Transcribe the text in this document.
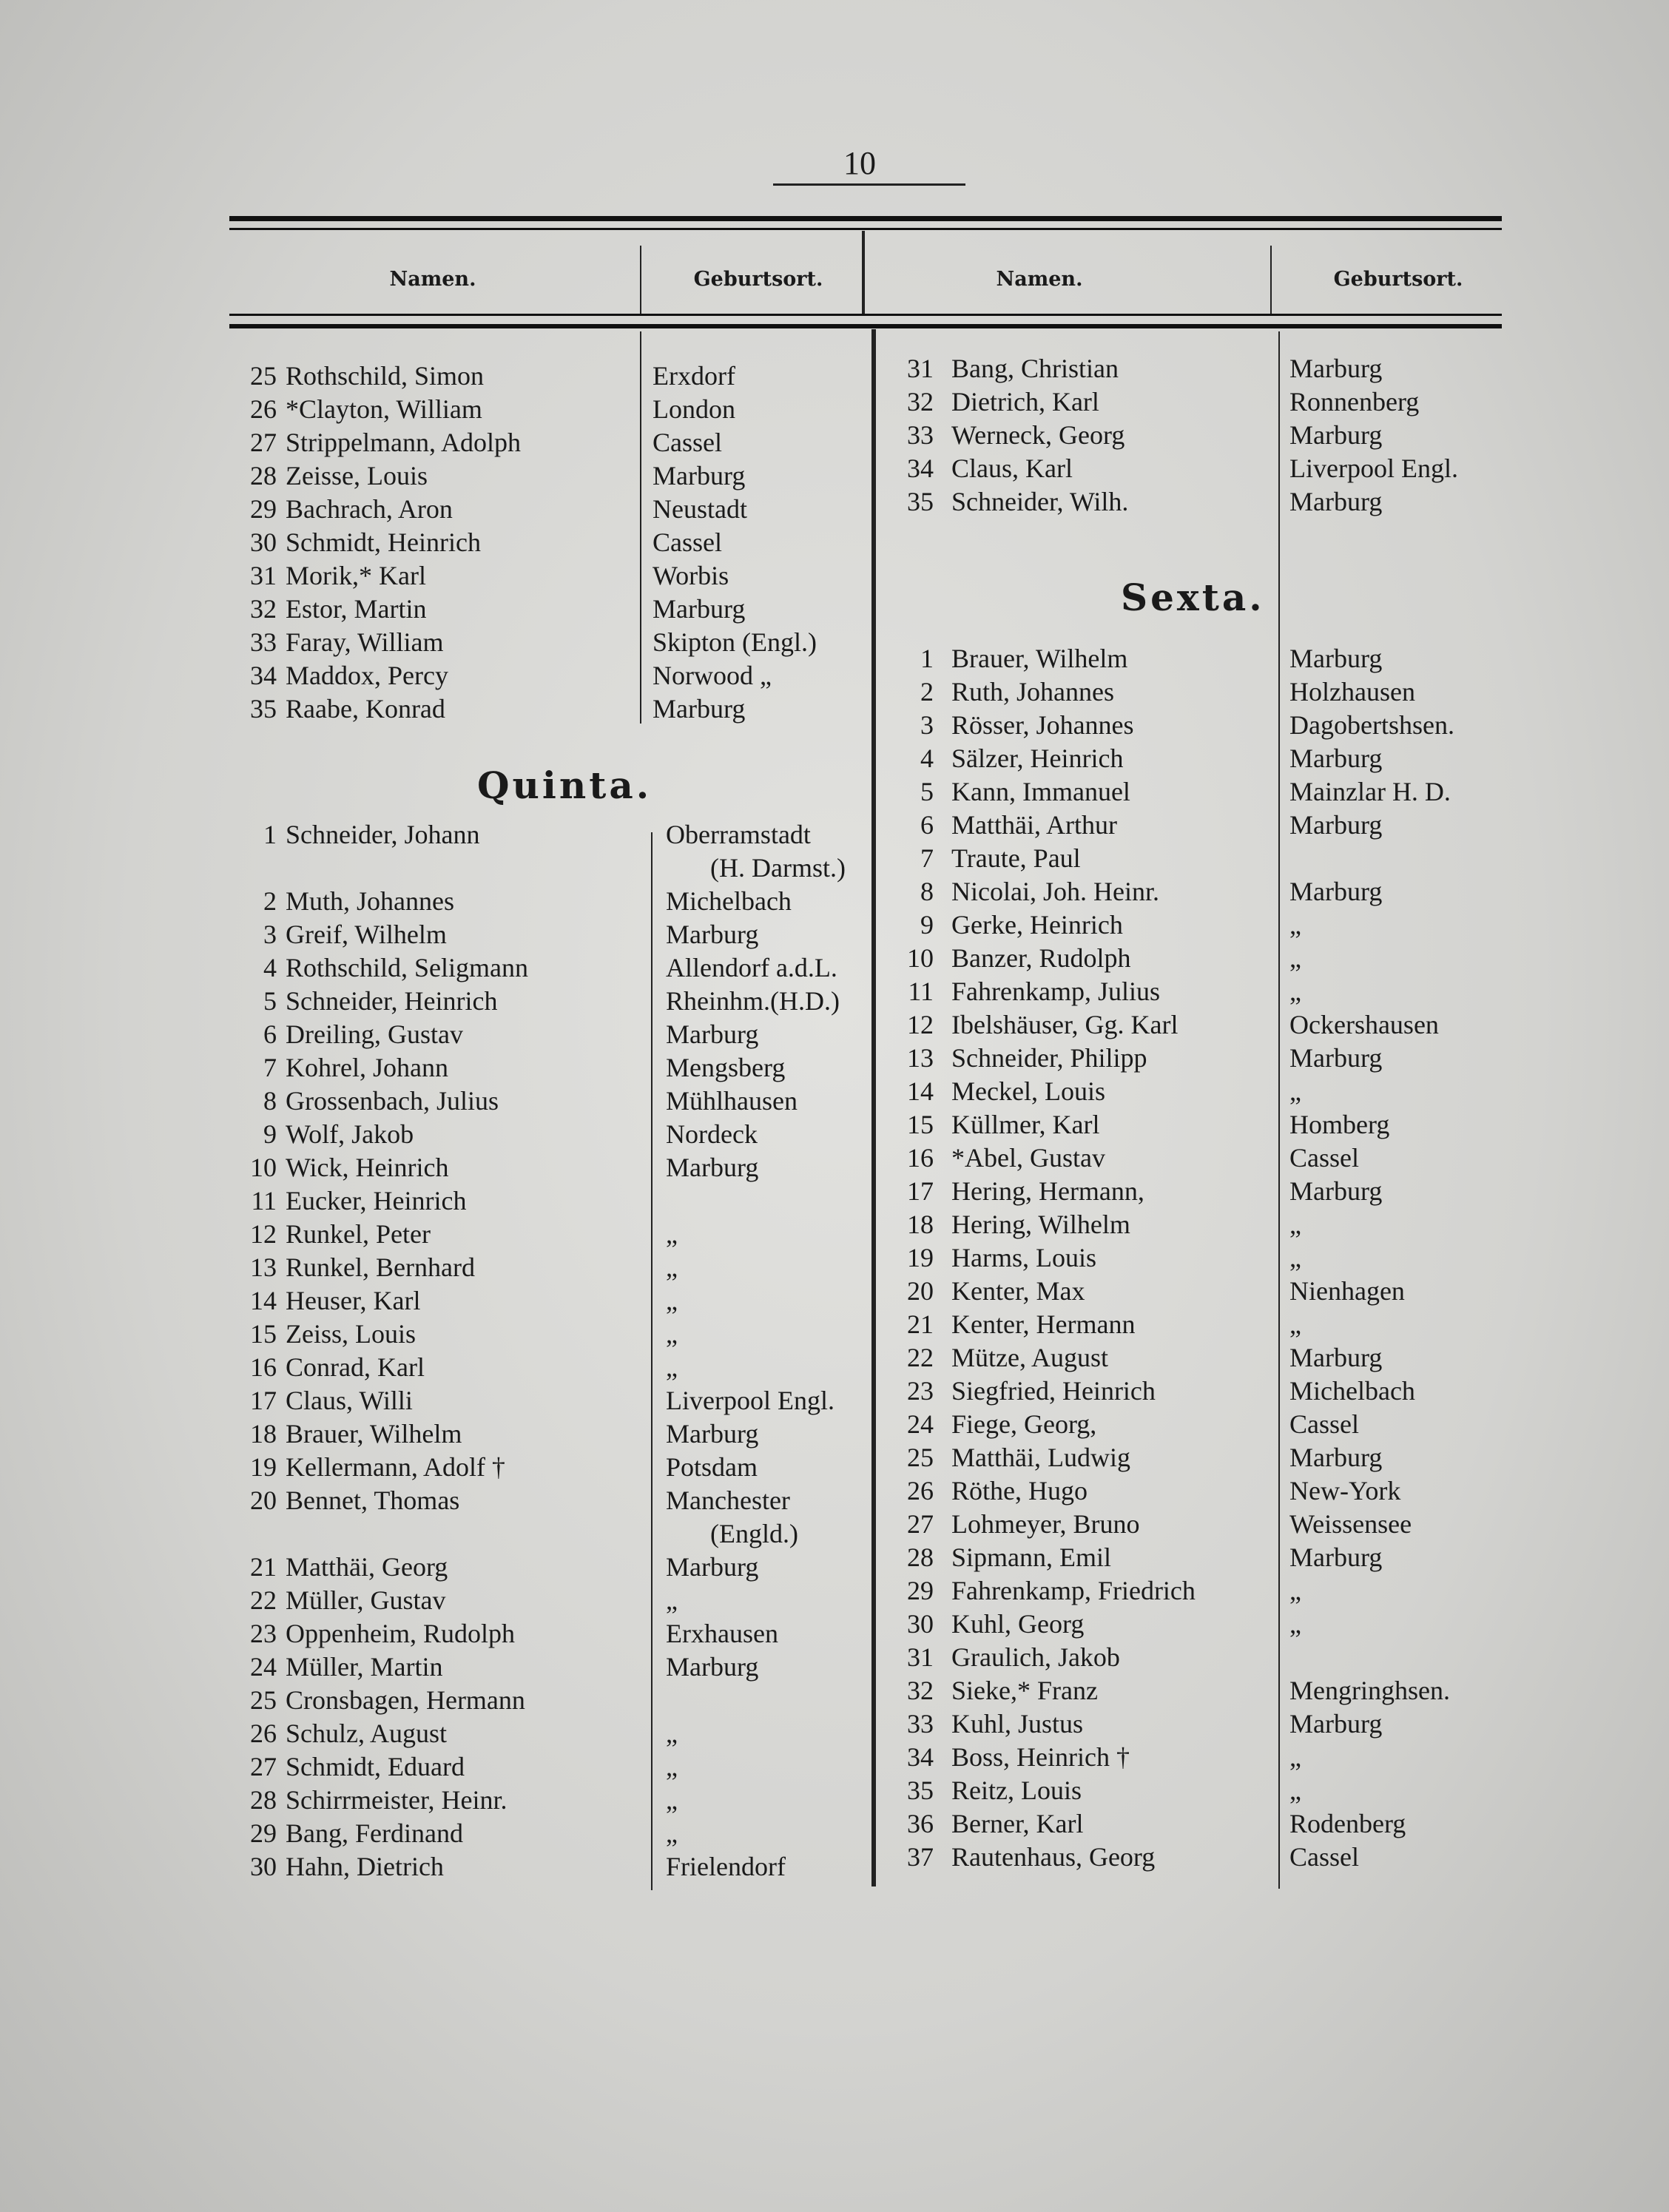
10
Namen.	Geburtsort.	Namen.	Geburtsort.
Quinta.
Sexta.
25 Rothschild, Simon	Erxdorf
26 *Clayton, William	London
27 Strippelmann, Adolph	Cassel
28 Zeisse, Louis	Marburg
29 Bachrach, Aron	Neustadt
30 Schmidt, Heinrich	Cassel
31 Morik,* Karl	Worbis
32 Estor, Martin	Marburg
33 Faray, William	Skipton (Engl.)
34 Maddox, Percy	Norwood „
35 Raabe, Konrad	Marburg
1 Schneider, Johann	Oberramstadt
(H. Darmst.)
2 Muth, Johannes	Michelbach
3 Greif, Wilhelm	Marburg
4 Rothschild, Seligmann	Allendorf a.d.L.
5 Schneider, Heinrich	Rheinhm.(H.D.)
6 Dreiling, Gustav	Marburg
7 Kohrel, Johann	Mengsberg
8 Grossenbach, Julius	Mühlhausen
9 Wolf, Jakob	Nordeck
10 Wick, Heinrich	Marburg
11 Eucker, Heinrich
12 Runkel, Peter	„
13 Runkel, Bernhard	„
14 Heuser, Karl	„
15 Zeiss, Louis	„
16 Conrad, Karl	„
17 Claus, Willi	Liverpool Engl.
18 Brauer, Wilhelm	Marburg
19 Kellermann, Adolf †	Potsdam
20 Bennet, Thomas	Manchester
(Engld.)
21 Matthäi, Georg	Marburg
22 Müller, Gustav	„
23 Oppenheim, Rudolph	Erxhausen
24 Müller, Martin	Marburg
25 Cronsbagen, Hermann
26 Schulz, August	„
27 Schmidt, Eduard	„
28 Schirrmeister, Heinr.	„
29 Bang, Ferdinand	„
30 Hahn, Dietrich	Frielendorf
31 Bang, Christian	Marburg
32 Dietrich, Karl	Ronnenberg
33 Werneck, Georg	Marburg
34 Claus, Karl	Liverpool Engl.
35 Schneider, Wilh.	Marburg
1 Brauer, Wilhelm	Marburg
2 Ruth, Johannes	Holzhausen
3 Rösser, Johannes	Dagobertshsen.
4 Sälzer, Heinrich	Marburg
5 Kann, Immanuel	Mainzlar H. D.
6 Matthäi, Arthur	Marburg
7 Traute, Paul
8 Nicolai, Joh. Heinr.	Marburg
9 Gerke, Heinrich	„
10 Banzer, Rudolph	„
11 Fahrenkamp, Julius	„
12 Ibelshäuser, Gg. Karl	Ockershausen
13 Schneider, Philipp	Marburg
14 Meckel, Louis	„
15 Küllmer, Karl	Homberg
16 *Abel, Gustav	Cassel
17 Hering, Hermann,	Marburg
18 Hering, Wilhelm	„
19 Harms, Louis	„
20 Kenter, Max	Nienhagen
21 Kenter, Hermann	„
22 Mütze, August	Marburg
23 Siegfried, Heinrich	Michelbach
24 Fiege, Georg,	Cassel
25 Matthäi, Ludwig	Marburg
26 Röthe, Hugo	New-York
27 Lohmeyer, Bruno	Weissensee
28 Sipmann, Emil	Marburg
29 Fahrenkamp, Friedrich	„
30 Kuhl, Georg	„
31 Graulich, Jakob
32 Sieke,* Franz	Mengringhsen.
33 Kuhl, Justus	Marburg
34 Boss, Heinrich †	„
35 Reitz, Louis	„
36 Berner, Karl	Rodenberg
37 Rautenhaus, Georg	Cassel
